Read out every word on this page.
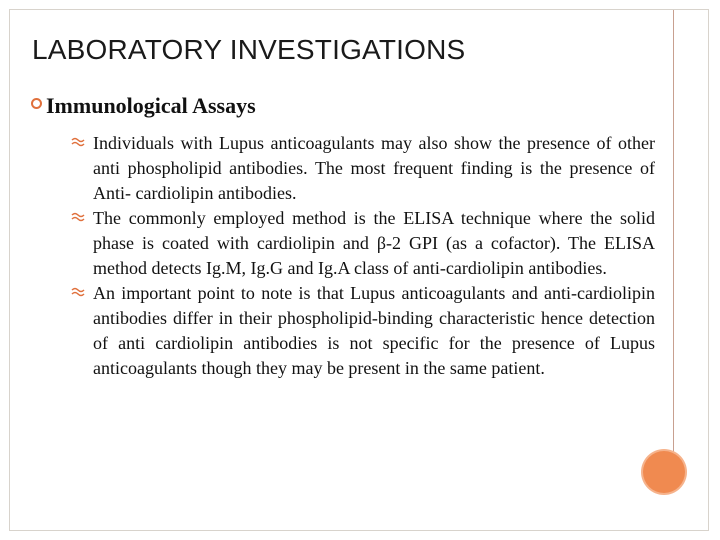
LABORATORY INVESTIGATIONS
Immunological Assays
Individuals with Lupus anticoagulants may also show the presence of other anti phospholipid antibodies. The most frequent finding is the presence of Anti- cardiolipin antibodies.
The commonly employed method is the ELISA technique where the solid phase is coated with cardiolipin and β-2 GPI (as a cofactor). The ELISA method detects Ig.M, Ig.G and Ig.A class of anti-cardiolipin antibodies.
An important point to note is that Lupus anticoagulants and anti-cardiolipin antibodies differ in their phospholipid-binding characteristic hence detection of anti cardiolipin antibodies is not specific for the presence of Lupus anticoagulants though they may be present in the same patient.
